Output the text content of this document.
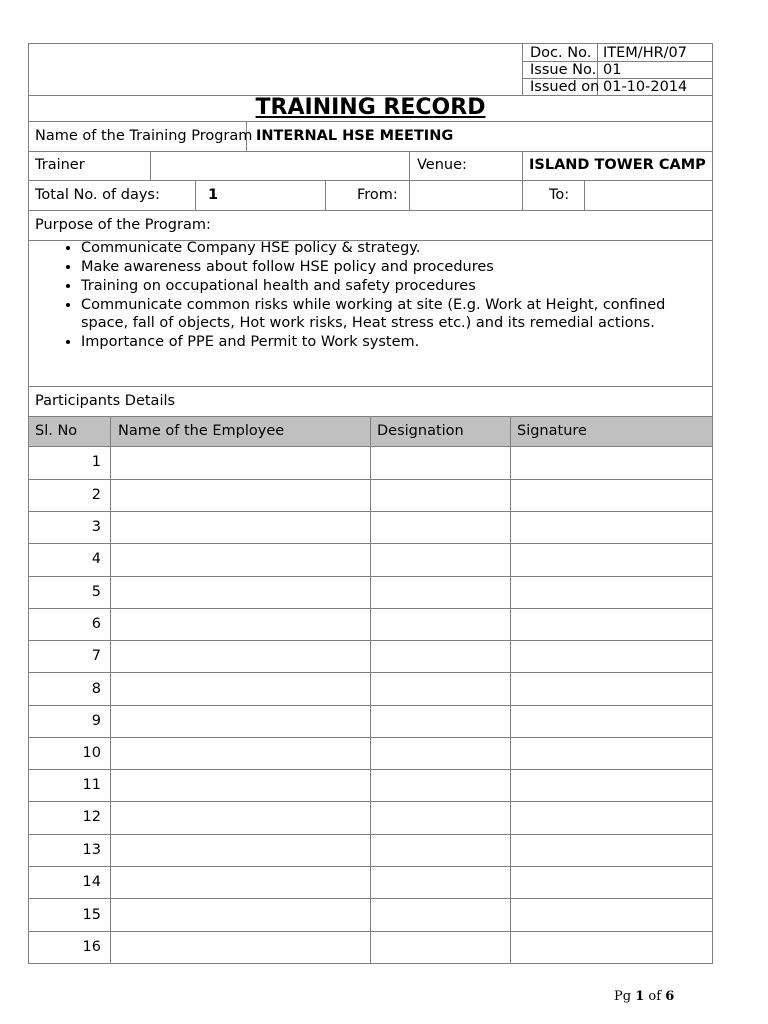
Doc. No. ITEM/HR/07
Issue No. 01
Issued on 01-10-2014
TRAINING RECORD
Name of the Training Program INTERNAL HSE MEETING
Trainer	Venue:	ISLAND TOWER CAMP
Total No. of days:	1	From:	To:
Purpose of the Program:
• Communicate Company HSE policy & strategy.
• Make awareness about follow HSE policy and procedures
• Training on occupational health and safety procedures
• Communicate common risks while working at site (E.g. Work at Height, confined space, fall of objects, Hot work risks, Heat stress etc.) and its remedial actions.
• Importance of PPE and Permit to Work system.
Participants Details
Sl. No	Name of the Employee	Designation	Signature
1
2
3
4
5
6
7
8
9
10
11
12
13
14
15
16
Pg 1 of 6
